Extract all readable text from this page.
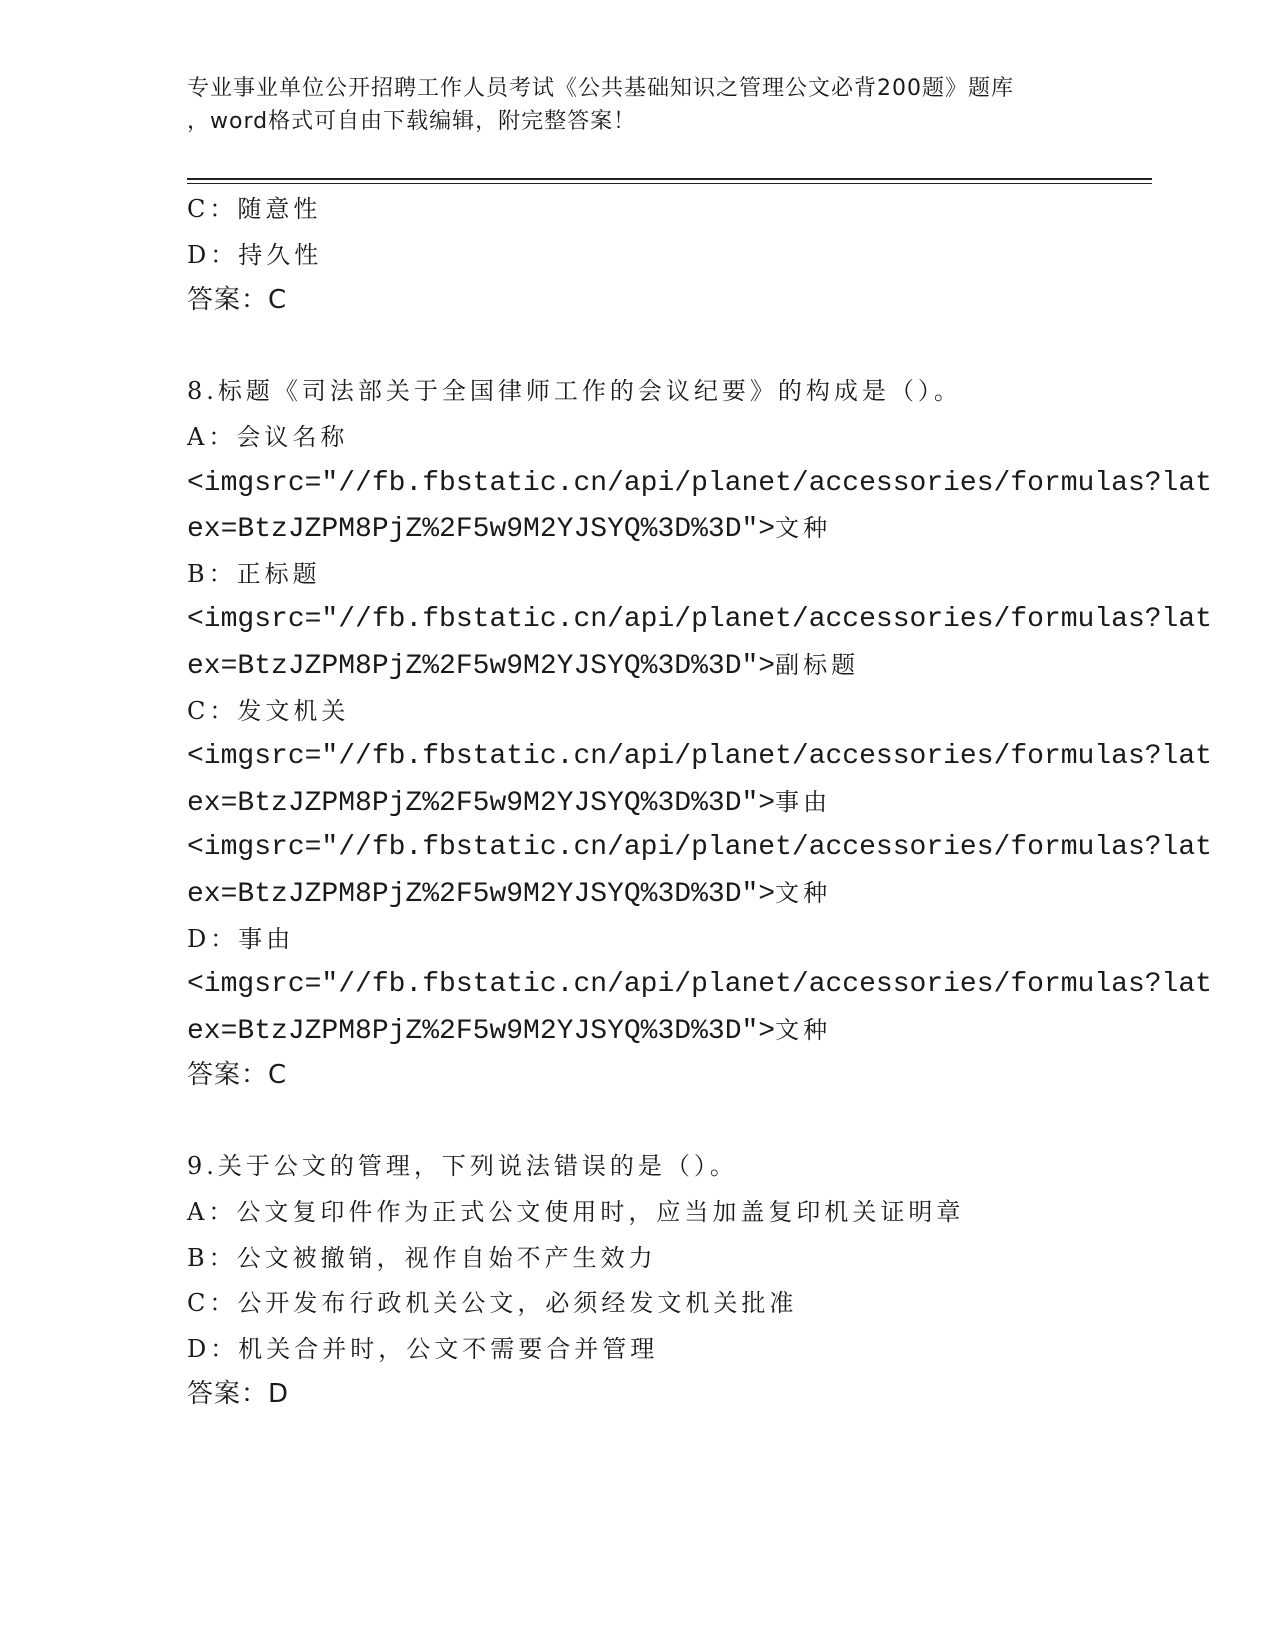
专业事业单位公开招聘工作人员考试《公共基础知识之管理公文必背200题》题库
，word格式可自由下载编辑，附完整答案！
C：随意性
D：持久性
答案：C
8.标题《司法部关于全国律师工作的会议纪要》的构成是（）。
A：会议名称
<imgsrc="//fb.fbstatic.cn/api/planet/accessories/formulas?lat
ex=BtzJZPM8PjZ%2F5w9M2YJSYQ%3D%3D">文种
B：正标题
<imgsrc="//fb.fbstatic.cn/api/planet/accessories/formulas?lat
ex=BtzJZPM8PjZ%2F5w9M2YJSYQ%3D%3D">副标题
C：发文机关
<imgsrc="//fb.fbstatic.cn/api/planet/accessories/formulas?lat
ex=BtzJZPM8PjZ%2F5w9M2YJSYQ%3D%3D">事由
<imgsrc="//fb.fbstatic.cn/api/planet/accessories/formulas?lat
ex=BtzJZPM8PjZ%2F5w9M2YJSYQ%3D%3D">文种
D：事由
<imgsrc="//fb.fbstatic.cn/api/planet/accessories/formulas?lat
ex=BtzJZPM8PjZ%2F5w9M2YJSYQ%3D%3D">文种
答案：C
9.关于公文的管理，下列说法错误的是（）。
A：公文复印件作为正式公文使用时，应当加盖复印机关证明章
B：公文被撤销，视作自始不产生效力
C：公开发布行政机关公文，必须经发文机关批准
D：机关合并时，公文不需要合并管理
答案：D
